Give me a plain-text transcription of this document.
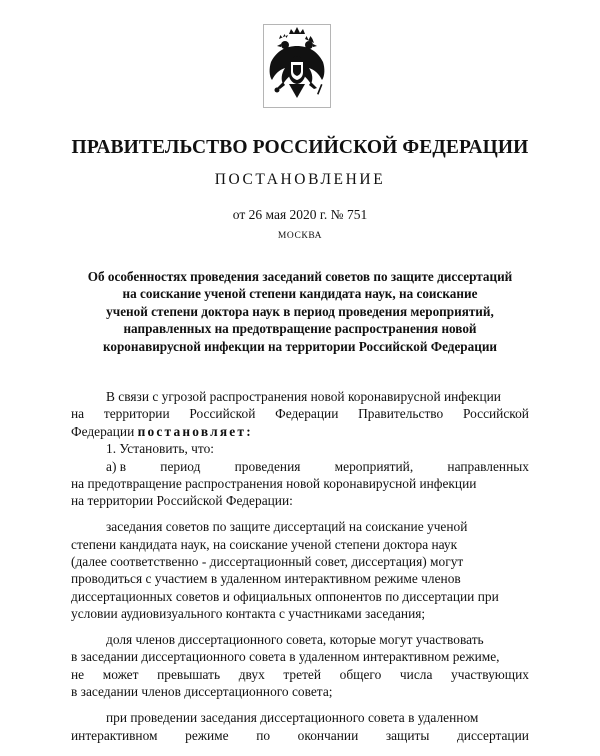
ПРАВИТЕЛЬСТВО РОССИЙСКОЙ ФЕДЕРАЦИИ
ПОСТАНОВЛЕНИЕ
от 26 мая 2020 г. № 751
МОСКВА
Об особенностях проведения заседаний советов по защите диссертаций
на соискание ученой степени кандидата наук, на соискание
ученой степени доктора наук в период проведения мероприятий,
направленных на предотвращение распространения новой
коронавирусной инфекции на территории Российской Федерации
В связи с угрозой распространения новой коронавирусной инфекции
на территории Российской Федерации Правительство Российской
Федерации постановляет:
1. Установить, что:
а) в	период	проведения	мероприятий,	направленных
на предотвращение распространения новой коронавирусной инфекции
на территории Российской Федерации:
заседания советов по защите диссертаций на соискание ученой
степени кандидата наук, на соискание ученой степени доктора наук
(далее соответственно - диссертационный совет, диссертация) могут
проводиться с участием в удаленном интерактивном режиме членов
диссертационных советов и официальных оппонентов по диссертации при
условии аудиовизуального контакта с участниками заседания;
доля членов диссертационного совета, которые могут участвовать
в заседании диссертационного совета в удаленном интерактивном режиме,
не может превышать двух третей общего числа участвующих
в заседании членов диссертационного совета;
при проведении заседания диссертационного совета в удаленном
интерактивном режиме по окончании защиты диссертации
